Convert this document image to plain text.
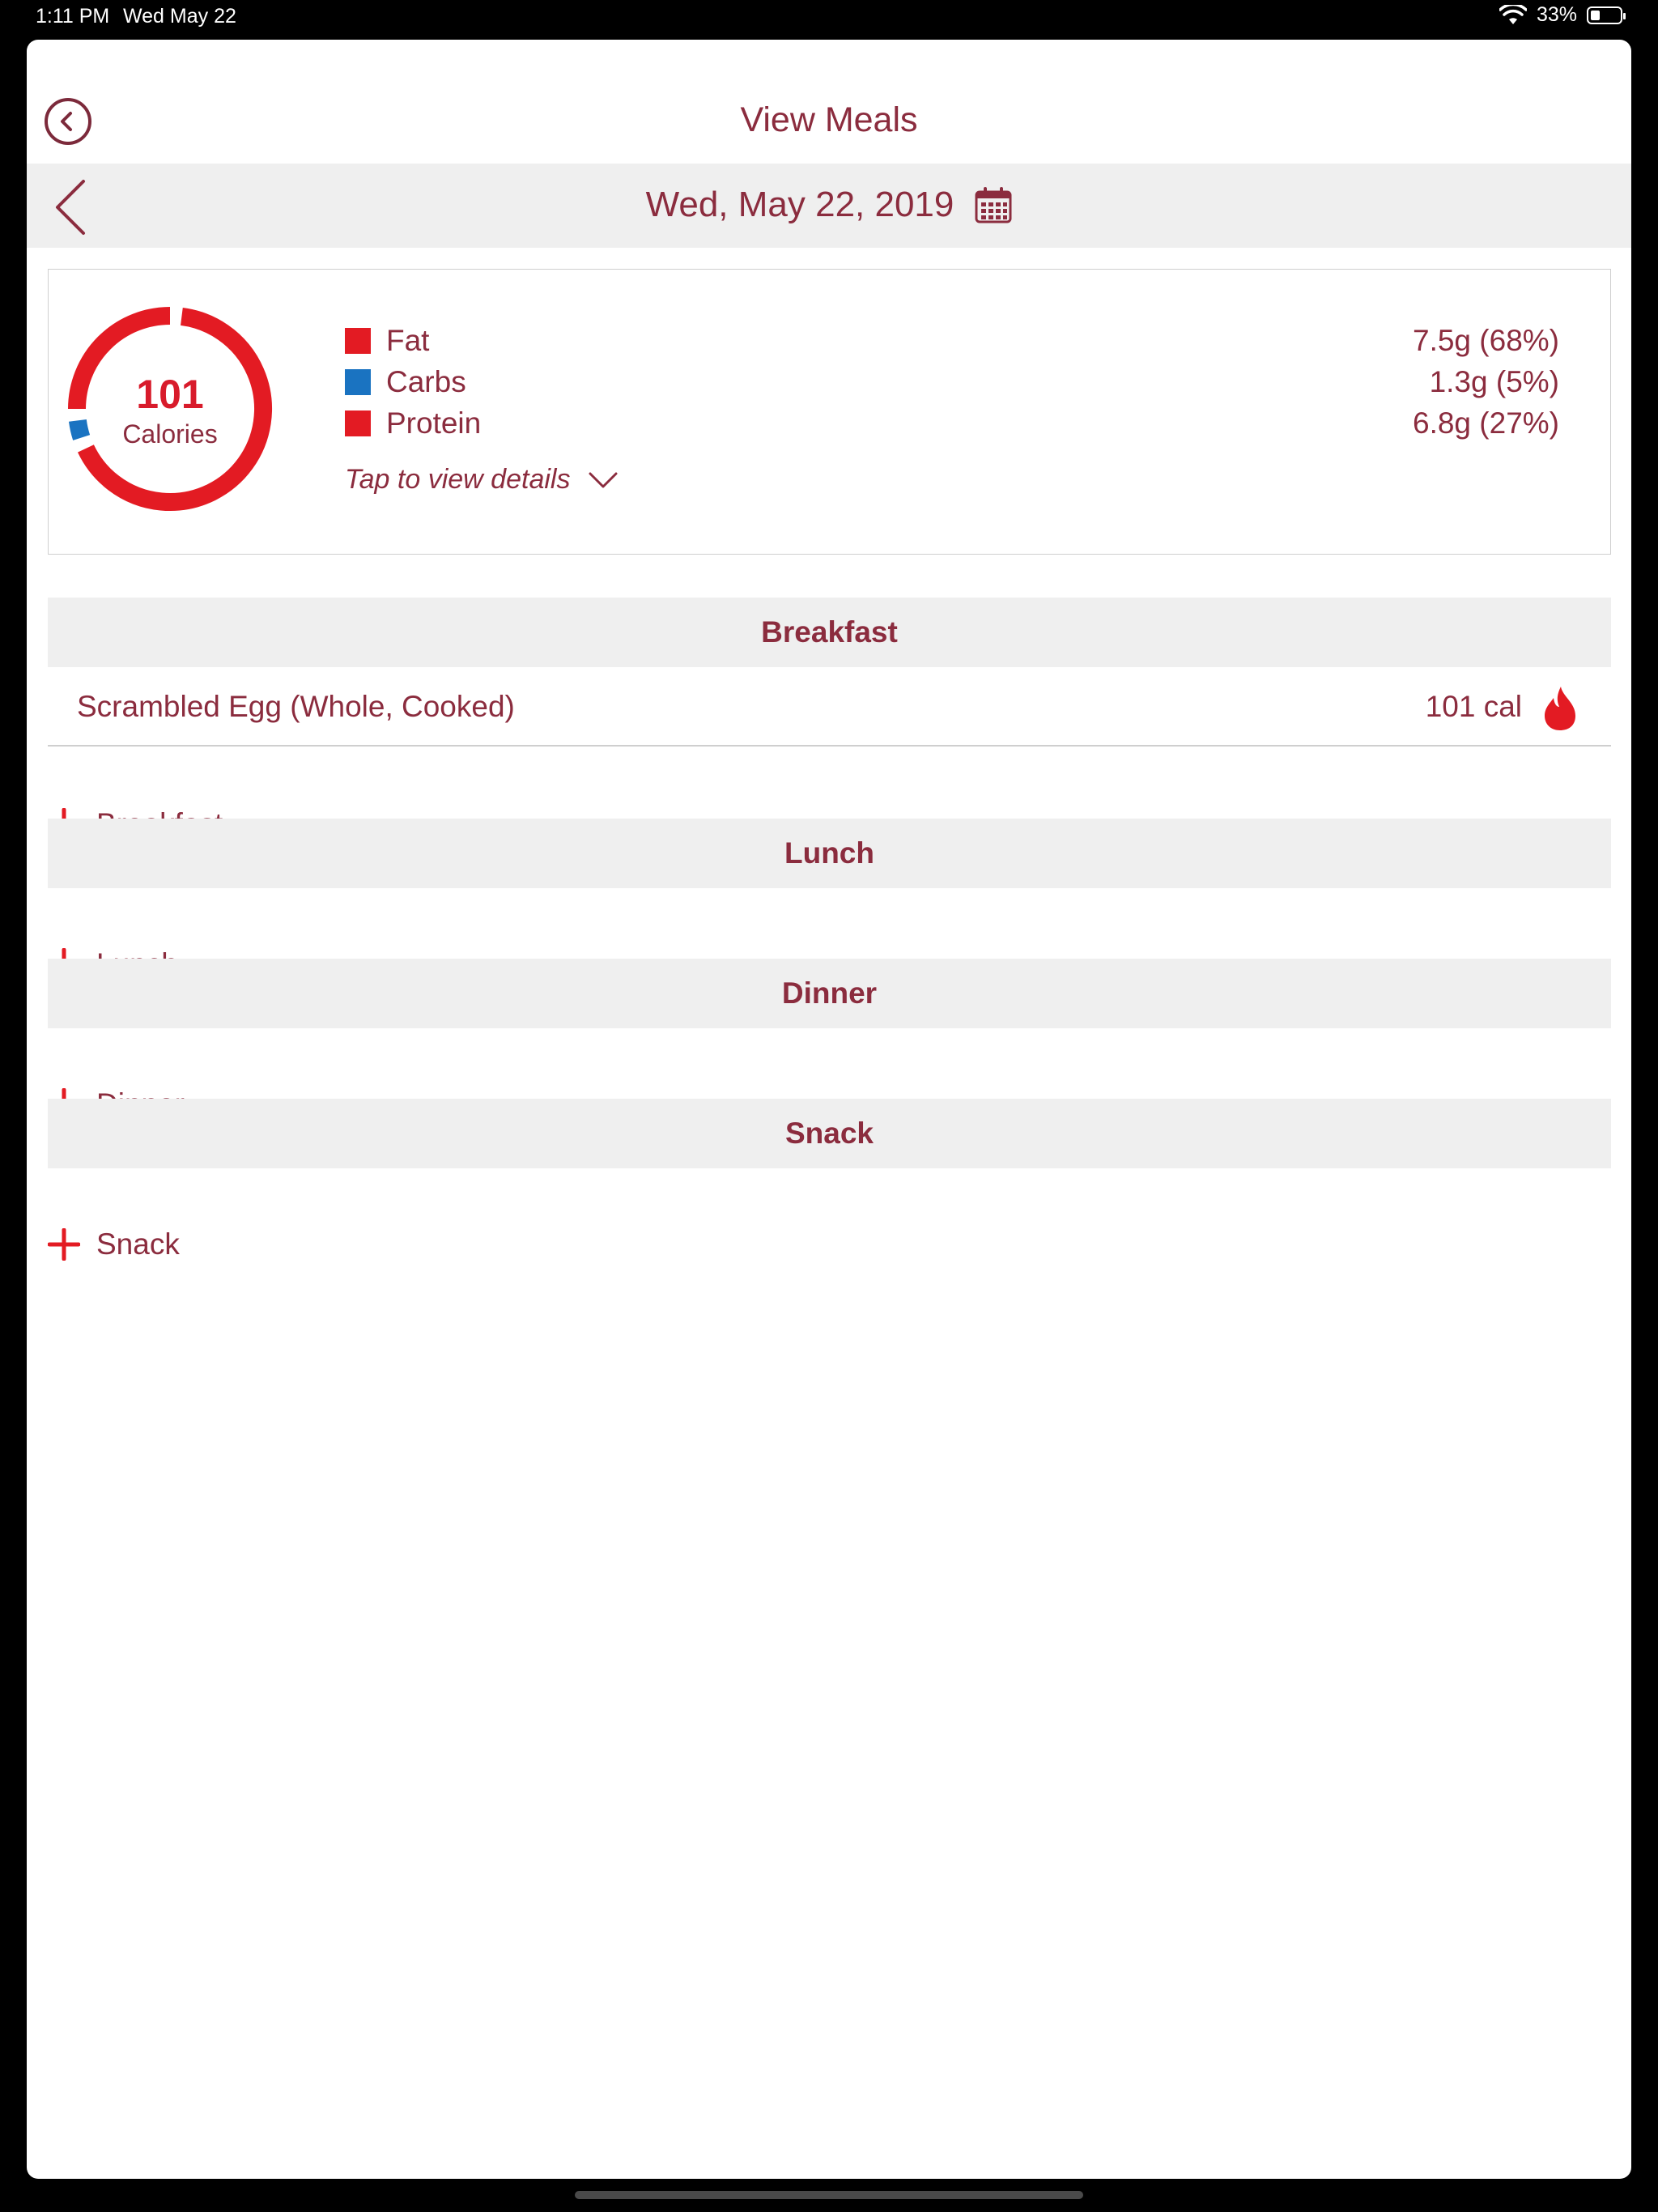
1:11 PM Wed May 22	33%
View Meals
Wed, May 22, 2019
101
Calories
Fat	7.5g (68%)
Carbs	1.3g (5%)
Protein	6.8g (27%)
Tap to view details
Breakfast
Scrambled Egg (Whole, Cooked)	101 cal
Lunch
Dinner
Snack
Snack
